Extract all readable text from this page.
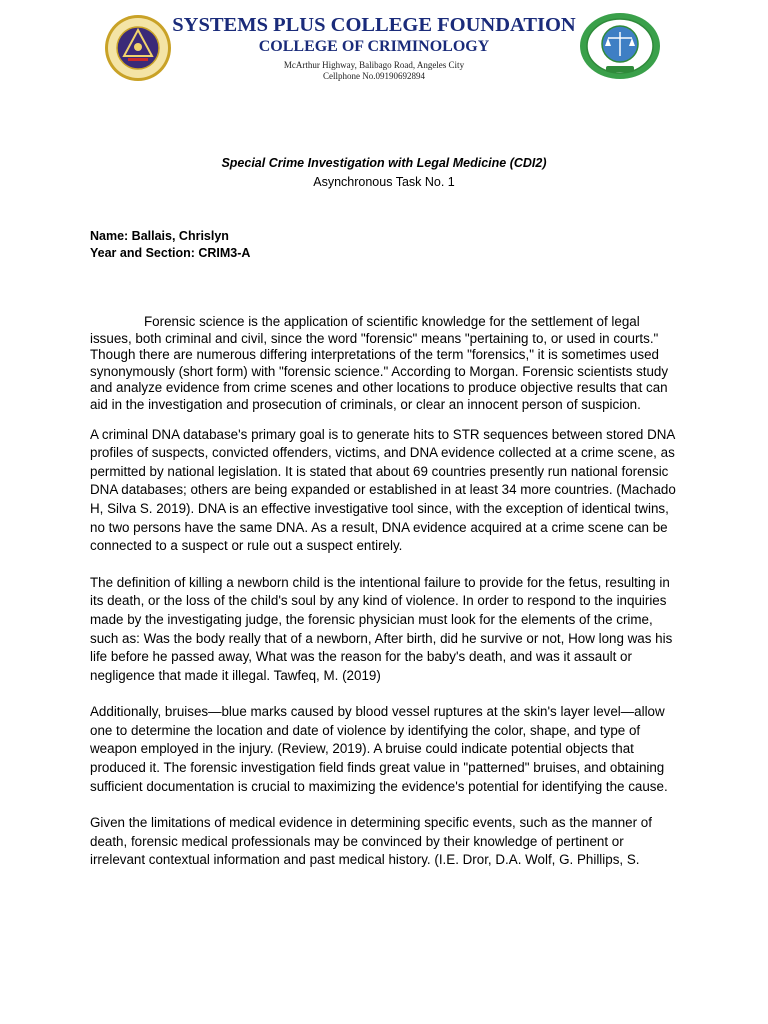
SYSTEMS PLUS COLLEGE FOUNDATION
COLLEGE OF CRIMINOLOGY
McArthur Highway, Balibago Road, Angeles City
Cellphone No.09190692894
Special Crime Investigation with Legal Medicine (CDI2)
Asynchronous Task No. 1
Name: Ballais, Chrislyn
Year and Section: CRIM3-A

Forensic science is the application of scientific knowledge for the settlement of legal issues, both criminal and civil, since the word "forensic" means "pertaining to, or used in courts." Though there are numerous differing interpretations of the term "forensics," it is sometimes used synonymously (short form) with "forensic science." According to Morgan. Forensic scientists study and analyze evidence from crime scenes and other locations to produce objective results that can aid in the investigation and prosecution of criminals, or clear an innocent person of suspicion.

A criminal DNA database's primary goal is to generate hits to STR sequences between stored DNA profiles of suspects, convicted offenders, victims, and DNA evidence collected at a crime scene, as permitted by national legislation. It is stated that about 69 countries presently run national forensic DNA databases; others are being expanded or established in at least 34 more countries. (Machado H, Silva S. 2019). DNA is an effective investigative tool since, with the exception of identical twins, no two persons have the same DNA. As a result, DNA evidence acquired at a crime scene can be connected to a suspect or rule out a suspect entirely.

The definition of killing a newborn child is the intentional failure to provide for the fetus, resulting in its death, or the loss of the child's soul by any kind of violence. In order to respond to the inquiries made by the investigating judge, the forensic physician must look for the elements of the crime, such as: Was the body really that of a newborn, After birth, did he survive or not, How long was his life before he passed away, What was the reason for the baby's death, and was it assault or negligence that made it illegal. Tawfeq, M. (2019)

Additionally, bruises—blue marks caused by blood vessel ruptures at the skin's layer level—allow one to determine the location and date of violence by identifying the color, shape, and type of weapon employed in the injury. (Review, 2019). A bruise could indicate potential objects that produced it. The forensic investigation field finds great value in "patterned" bruises, and obtaining sufficient documentation is crucial to maximizing the evidence's potential for identifying the cause.

Given the limitations of medical evidence in determining specific events, such as the manner of death, forensic medical professionals may be convinced by their knowledge of pertinent or irrelevant contextual information and past medical history. (I.E. Dror, D.A. Wolf, G. Phillips, S.
